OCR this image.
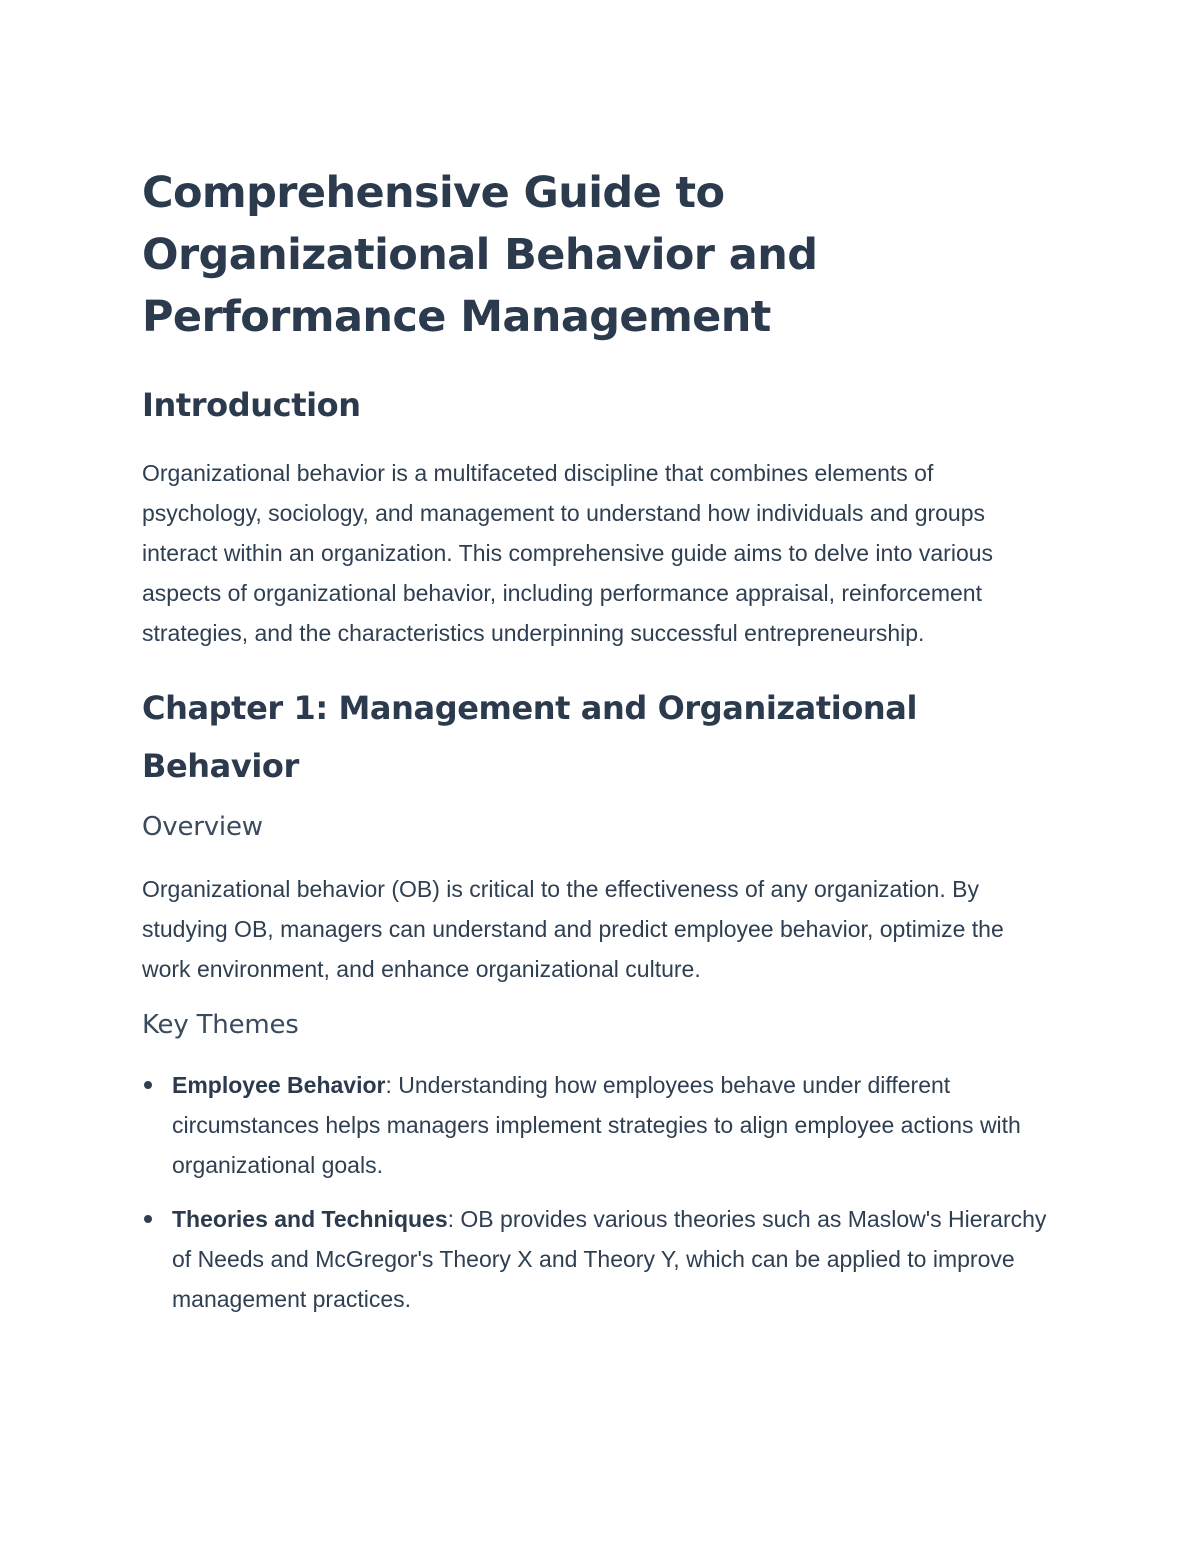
Comprehensive Guide to Organizational Behavior and Performance Management
Introduction

Organizational behavior is a multifaceted discipline that combines elements of psychology, sociology, and management to understand how individuals and groups interact within an organization. This comprehensive guide aims to delve into various aspects of organizational behavior, including performance appraisal, reinforcement strategies, and the characteristics underpinning successful entrepreneurship.

Chapter 1: Management and Organizational Behavior
Overview

Organizational behavior (OB) is critical to the effectiveness of any organization. By studying OB, managers can understand and predict employee behavior, optimize the work environment, and enhance organizational culture.

Key Themes
Employee Behavior: Understanding how employees behave under different circumstances helps managers implement strategies to align employee actions with organizational goals.
Theories and Techniques: OB provides various theories such as Maslow's Hierarchy of Needs and McGregor's Theory X and Theory Y, which can be applied to improve management practices.
